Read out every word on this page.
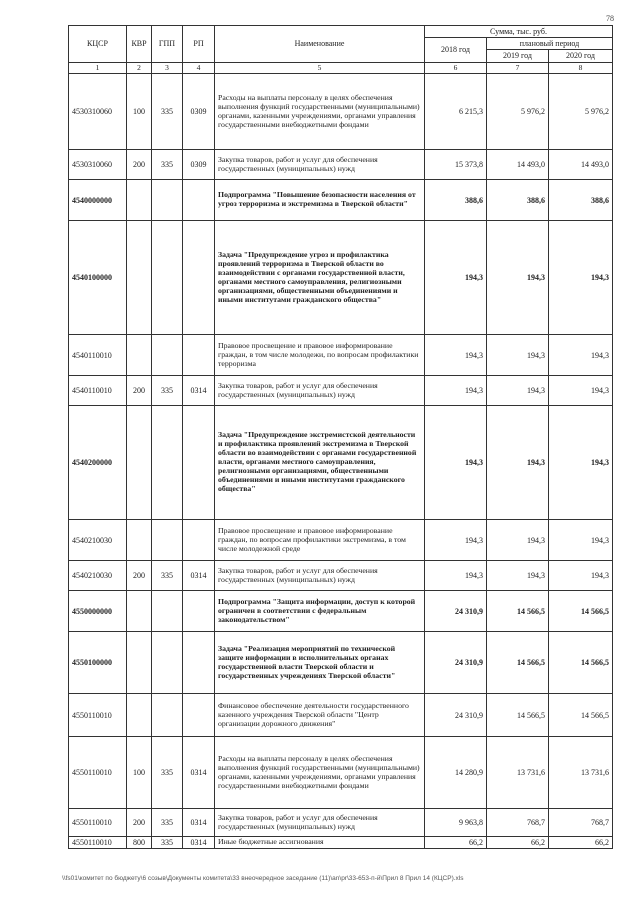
78
КЦСР	КВР	ГПП	РП	Наименование	Сумма, тыс. руб.		
					2018 год	плановый период	
						2019 год	2020 год
1	2	3	4	5	6	7	8
4530310060	100	335	0309	Расходы на выплаты персоналу в целях обеспечения выполнения функций государственными (муниципальными) органами, казенными учреждениями, органами управления государственными внебюджетными фондами	6 215,3	5 976,2	5 976,2
4530310060	200	335	0309	Закупка товаров, работ и услуг для обеспечения государственных (муниципальных) нужд	15 373,8	14 493,0	14 493,0
4540000000				Подпрограмма "Повышение безопасности населения от угроз терроризма и экстремизма в Тверской области"	388,6	388,6	388,6
4540100000				Задача "Предупреждение угроз и профилактика проявлений терроризма в Тверской области во взаимодействии с органами государственной власти, органами местного самоуправления, религиозными организациями, общественными объединениями и иными институтами гражданского общества"	194,3	194,3	194,3
4540110010				Правовое просвещение и правовое информирование граждан, в том числе молодежи, по вопросам профилактики терроризма	194,3	194,3	194,3
4540110010	200	335	0314	Закупка товаров, работ и услуг для обеспечения государственных (муниципальных) нужд	194,3	194,3	194,3
4540200000				Задача "Предупреждение экстремистской деятельности и профилактика проявлений экстремизма в Тверской области во взаимодействии с органами государственной власти, органами местного самоуправления, религиозными организациями, общественными объединениями и иными институтами гражданского общества"	194,3	194,3	194,3
4540210030				Правовое просвещение и правовое информирование граждан, по вопросам профилактики экстремизма, в том числе молодежной среде	194,3	194,3	194,3
4540210030	200	335	0314	Закупка товаров, работ и услуг для обеспечения государственных (муниципальных) нужд	194,3	194,3	194,3
4550000000				Подпрограмма "Защита информации, доступ к которой ограничен в соответствии с федеральным законодательством"	24 310,9	14 566,5	14 566,5
4550100000				Задача "Реализация мероприятий по технической защите информации в исполнительных органах государственной власти Тверской области и государственных учреждениях Тверской области"	24 310,9	14 566,5	14 566,5
4550110010				Финансовое обеспечение деятельности государственного казенного учреждения Тверской области "Центр организации дорожного движения"	24 310,9	14 566,5	14 566,5
4550110010	100	335	0314	Расходы на выплаты персоналу в целях обеспечения выполнения функций государственными (муниципальными) органами, казенными учреждениями, органами управления государственными внебюджетными фондами	14 280,9	13 731,6	13 731,6
4550110010	200	335	0314	Закупка товаров, работ и услуг для обеспечения государственных (муниципальных) нужд	9 963,8	768,7	768,7
4550110010	800	335	0314	Иные бюджетные ассигнования	66,2	66,2	66,2
\\fs01\комитет по бюджету\6 созыв\Документы комитета\33 внеочередное заседание (11)\an\pr\33-653-п-й\Прил 8 Прил 14 (КЦСР).xls
